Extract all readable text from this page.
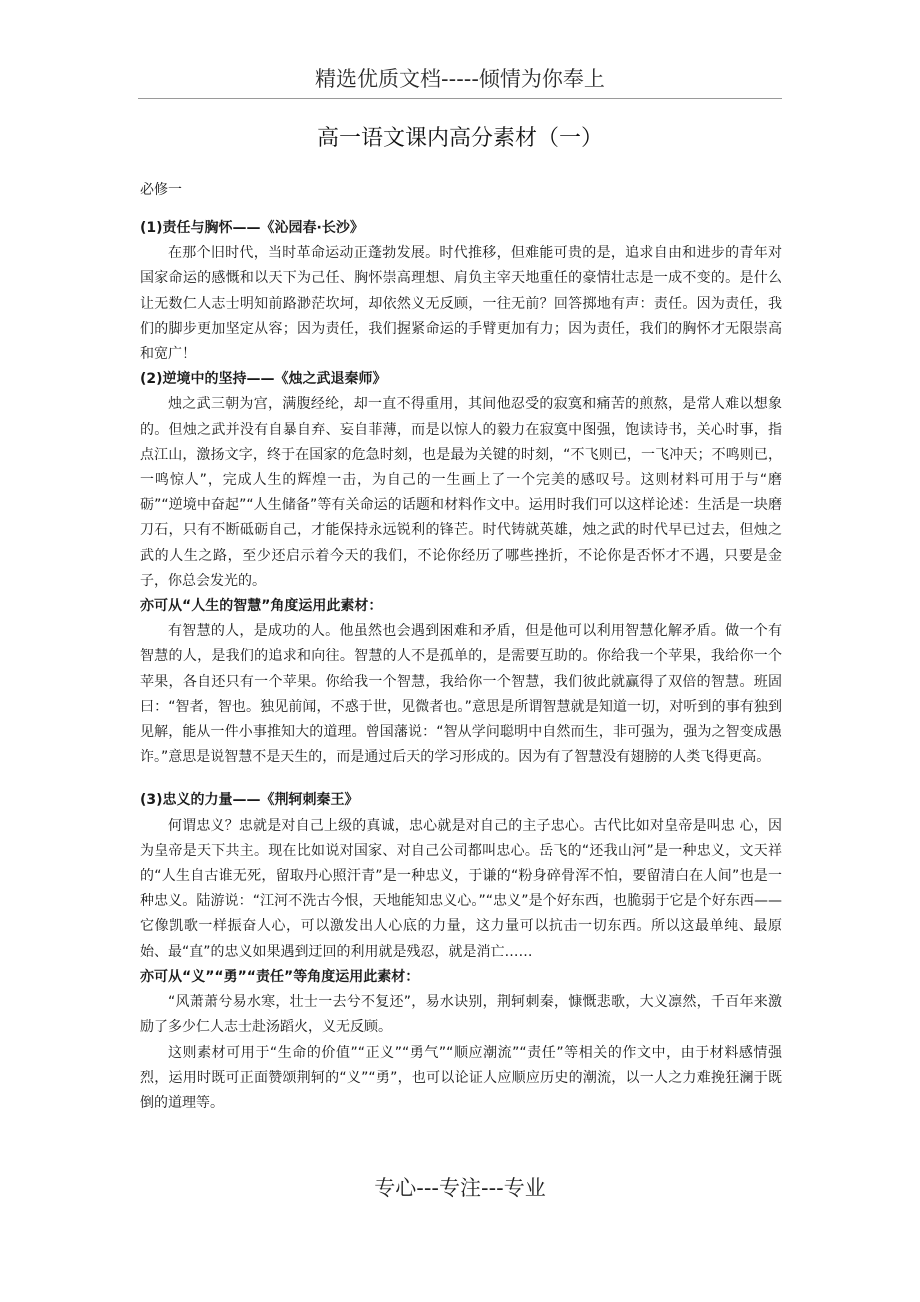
精选优质文档-----倾情为你奉上
高一语文课内高分素材（一）
必修一

(1)责任与胸怀——《沁园春·长沙》

在那个旧时代，当时革命运动正蓬勃发展。时代推移，但难能可贵的是，追求自由和进步的青年对国家命运的感慨和以天下为己任、胸怀崇高理想、肩负主宰天地重任的豪情壮志是一成不变的。是什么让无数仁人志士明知前路渺茫坎坷，却依然义无反顾，一往无前？回答掷地有声：责任。因为责任，我们的脚步更加坚定从容；因为责任，我们握紧命运的手臂更加有力；因为责任，我们的胸怀才无限崇高和宽广！

(2)逆境中的坚持——《烛之武退秦师》

烛之武三朝为宫，满腹经纶，却一直不得重用，其间他忍受的寂寞和痛苦的煎熬，是常人难以想象的。但烛之武并没有自暴自弃、妄自菲薄，而是以惊人的毅力在寂寞中图强，饱读诗书，关心时事，指点江山，激扬文字，终于在国家的危急时刻，也是最为关键的时刻，“不飞则已，一飞冲天；不鸣则已，一鸣惊人”，完成人生的辉煌一击，为自己的一生画上了一个完美的感叹号。这则材料可用于与“磨砺”“逆境中奋起”“人生储备”等有关命运的话题和材料作文中。运用时我们可以这样论述：生活是一块磨刀石，只有不断砥砺自己，才能保持永远锐利的锋芒。时代铸就英雄，烛之武的时代早已过去，但烛之武的人生之路，至少还启示着今天的我们，不论你经历了哪些挫折，不论你是否怀才不遇，只要是金子，你总会发光的。

亦可从“人生的智慧”角度运用此素材：

有智慧的人，是成功的人。他虽然也会遇到困难和矛盾，但是他可以利用智慧化解矛盾。做一个有智慧的人，是我们的追求和向往。智慧的人不是孤单的，是需要互助的。你给我一个苹果，我给你一个苹果，各自还只有一个苹果。你给我一个智慧，我给你一个智慧，我们彼此就赢得了双倍的智慧。班固曰：“智者，智也。独见前闻，不惑于世，见微者也。”意思是所谓智慧就是知道一切，对听到的事有独到见解，能从一件小事推知大的道理。曾国藩说：“智从学问聪明中自然而生，非可强为，强为之智变成愚诈。”意思是说智慧不是天生的，而是通过后天的学习形成的。因为有了智慧没有翅膀的人类飞得更高。

(3)忠义的力量——《荆轲刺秦王》

何谓忠义？忠就是对自己上级的真诚，忠心就是对自己的主子忠心。古代比如对皇帝是叫忠 心，因为皇帝是天下共主。现在比如说对国家、对自己公司都叫忠心。岳飞的“还我山河”是一种忠义，文天祥的“人生自古谁无死，留取丹心照汗青”是一种忠义，于谦的“粉身碎骨浑不怕，要留清白在人间”也是一种忠义。陆游说：“江河不洗古今恨，天地能知忠义心。”“忠义”是个好东西，也脆弱于它是个好东西——它像凯歌一样振奋人心，可以激发出人心底的力量，这力量可以抗击一切东西。所以这最单纯、最原始、最“直”的忠义如果遇到迂回的利用就是残忍，就是消亡……

亦可从“义”“勇”“责任”等角度运用此素材：

“风萧萧兮易水寒，壮士一去兮不复还”，易水诀别，荆轲刺秦，慷慨悲歌，大义凛然，千百年来激励了多少仁人志士赴汤蹈火，义无反顾。

这则素材可用于“生命的价值”“正义”“勇气”“顺应潮流”“责任”等相关的作文中，由于材料感情强烈，运用时既可正面赞颂荆轲的“义”“勇”，也可以论证人应顺应历史的潮流，以一人之力难挽狂澜于既倒的道理等。

专心---专注---专业
